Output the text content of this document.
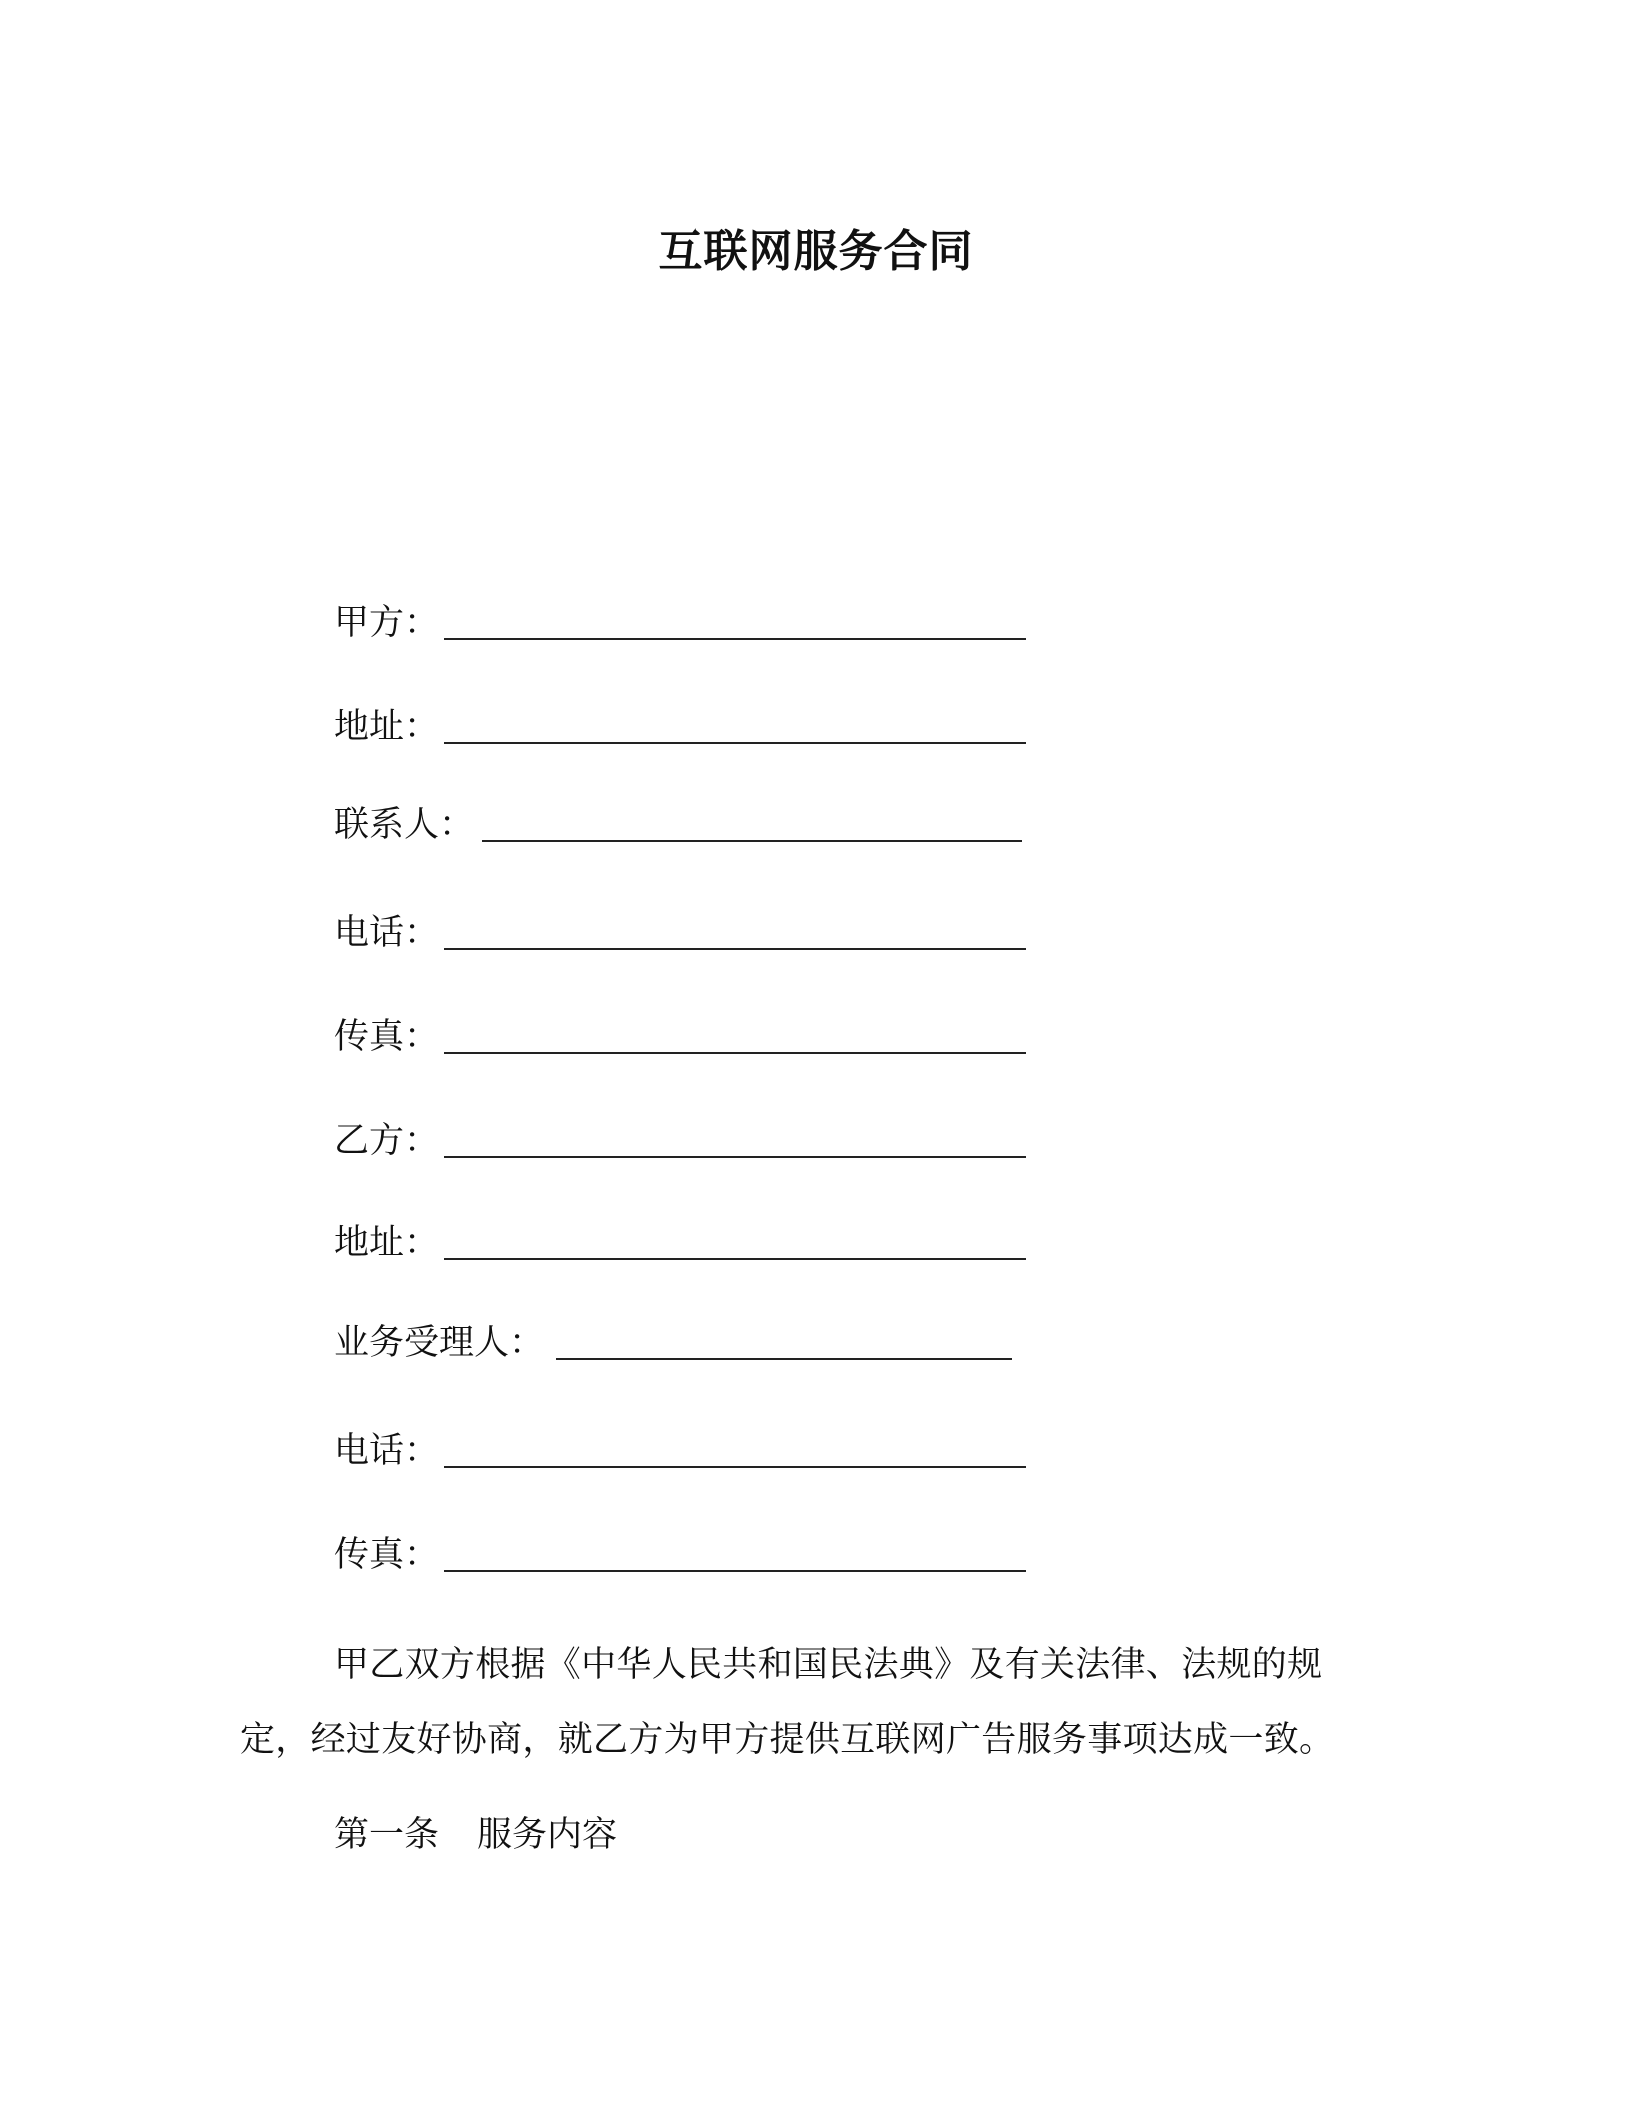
互联网服务合同
甲方：
地址：
联系人：
电话：
传真：
乙方：
地址：
业务受理人：
电话：
传真：

甲乙双方根据《中华人民共和国民法典》及有关法律、法规的规

定，经过友好协商，就乙方为甲方提供互联网广告服务事项达成一致。

第一条 服务内容
